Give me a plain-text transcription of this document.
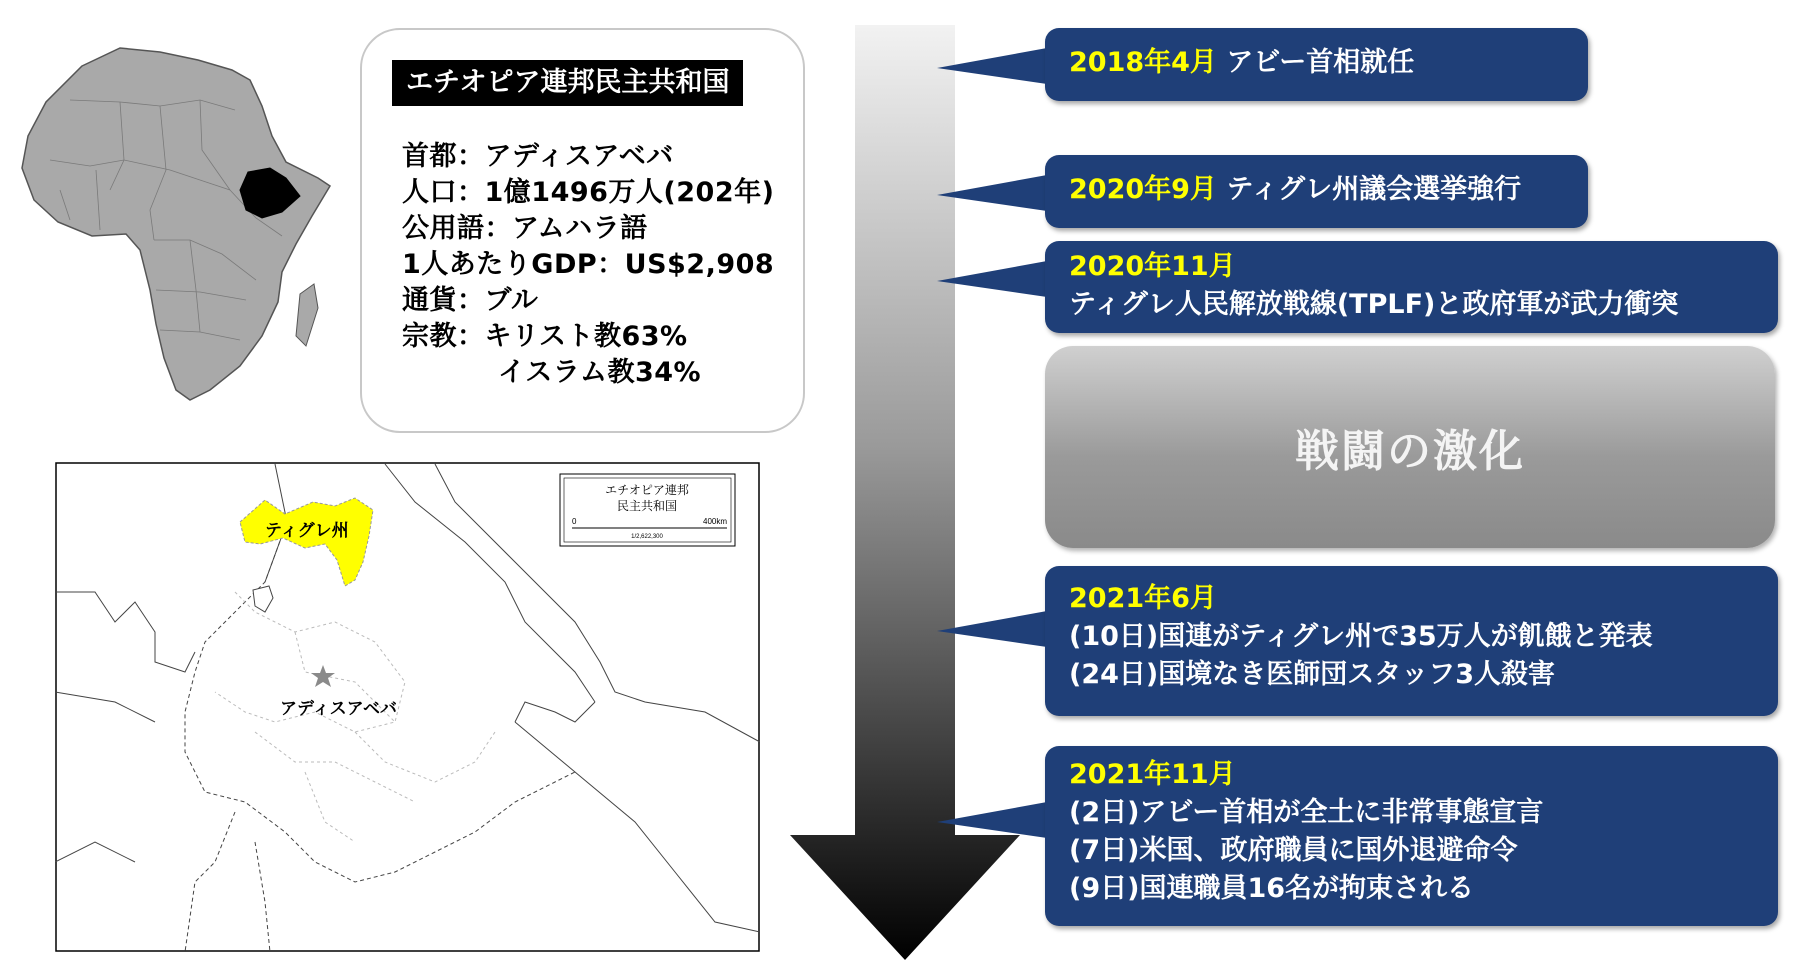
エチオピア連邦民主共和国
首都：アディスアベバ
人口：1億1496万人(202年)
公用語：アムハラ語
1人あたりGDP：US$2,908
通貨：ブル
宗教：キリスト教63%
イスラム教34%
ティグレ州
アディスアベバ
エチオピア連邦
民主共和国
0	400km
1/2,622,300
2018年4月 アビー首相就任
2020年9月 ティグレ州議会選挙強行
2020年11月
ティグレ人民解放戦線(TPLF)と政府軍が武力衝突
戦闘の激化
2021年6月
(10日)国連がティグレ州で35万人が飢餓と発表
(24日)国境なき医師団スタッフ3人殺害
2021年11月
(2日)アビー首相が全土に非常事態宣言
(7日)米国、政府職員に国外退避命令
(9日)国連職員16名が拘束される
